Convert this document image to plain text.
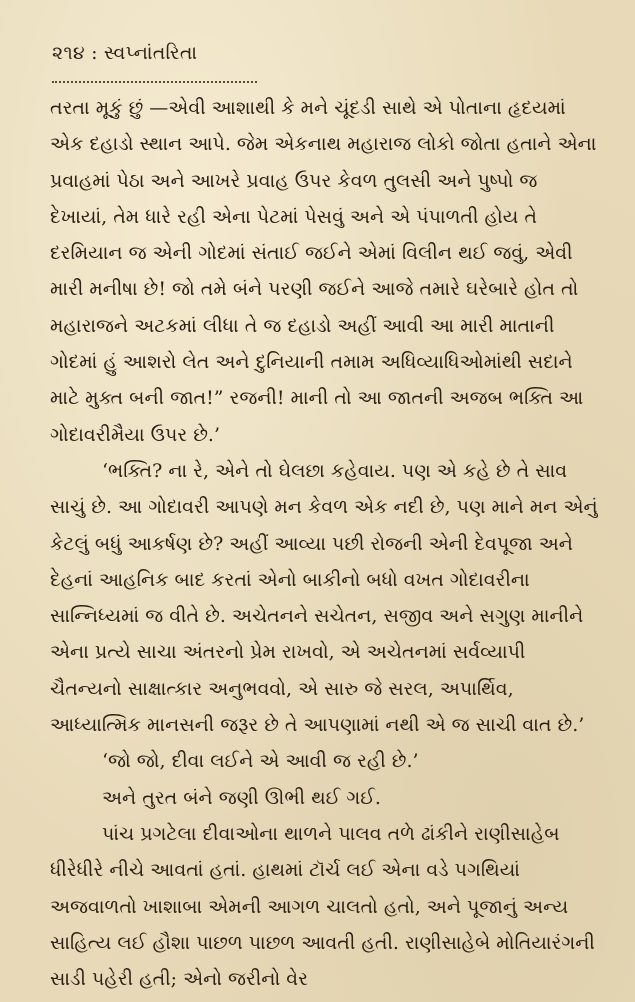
૨૧૪ : સ્વપ્નાંતરિતા

તરતા મૂકું છું —એવી આશાથી કે મને ચૂંદડી સાથે એ પોતાના હૃદયમાં એક દહાડો સ્થાન આપે. જેમ એકનાથ મહારાજ લોકો જોતા હતાને એના પ્રવાહમાં પેઠા અને આખરે પ્રવાહ ઉપર કેવળ તુલસી અને પુષ્પો જ દેખાયાં, તેમ ધારે રહી એના પેટમાં પેસવું અને એ પંપાળતી હોય તે દરમિયાન જ એની ગોદમાં સંતાઈ જઈને એમાં વિલીન થઈ જવું, એવી મારી મનીષા છે! જો તમે બંને પરણી જઈને આજે તમારે ઘરેબારે હોત તો મહારાજને અટકમાં લીધા તે જ દહાડો અહીં આવી આ મારી માતાની ગોદમાં હું આશરો લેત અને દુનિયાની તમામ અધિવ્યાધિઓમાંથી સદાને માટે મુક્ત બની જાત!” રજની! માની તો આ જાતની અજબ ભક્તિ આ ગોદાવરીમૈયા ઉપર છે.’

‘ભક્તિ? ના રે, એને તો ઘેલછા કહેવાય. પણ એ કહે છે તે સાવ સાચું છે. આ ગોદાવરી આપણે મન કેવળ એક નદી છે, પણ માને મન એનું કેટલું બધું આકર્ષણ છે? અહીં આવ્યા પછી રોજની એની દેવપૂજા અને દેહનાં આહનિક બાદ કરતાં એનો બાકીનો બધો વખત ગોદાવરીના સાન્નિધ્યમાં જ વીતે છે. અચેતનને સચેતન, સજીવ અને સગુણ માનીને એના પ્રત્યે સાચા અંતરનો પ્રેમ રાખવો, એ અચેતનમાં સર્વવ્યાપી ચૈતન્યનો સાક્ષાત્કાર અનુભવવો, એ સારુ જે સરલ, અપાર્થિવ, આધ્યાત્મિક માનસની જરૂર છે તે આપણામાં નથી એ જ સાચી વાત છે.’

‘જો જો, દીવા લઈને એ આવી જ રહી છે.’

અને તુરત બંને જણી ઊભી થઈ ગઈ.

પાંચ પ્રગટેલા દીવાઓના થાળને પાલવ તળે ઢાંકીને રાણીસાહેબ ધીરેધીરે નીચે આવતાં હતાં. હાથમાં ટૉર્ચ લઈ એના વડે પગથિયાં અજવાળતો ખાશાબા એમની આગળ ચાલતો હતો, અને પૂજાનું અન્ય સાહિત્ય લઈ હૌશા પાછળ પાછળ આવતી હતી. રાણીસાહેબે મોતિયારંગની સાડી પહેરી હતી; એનો જરીનો વેર
